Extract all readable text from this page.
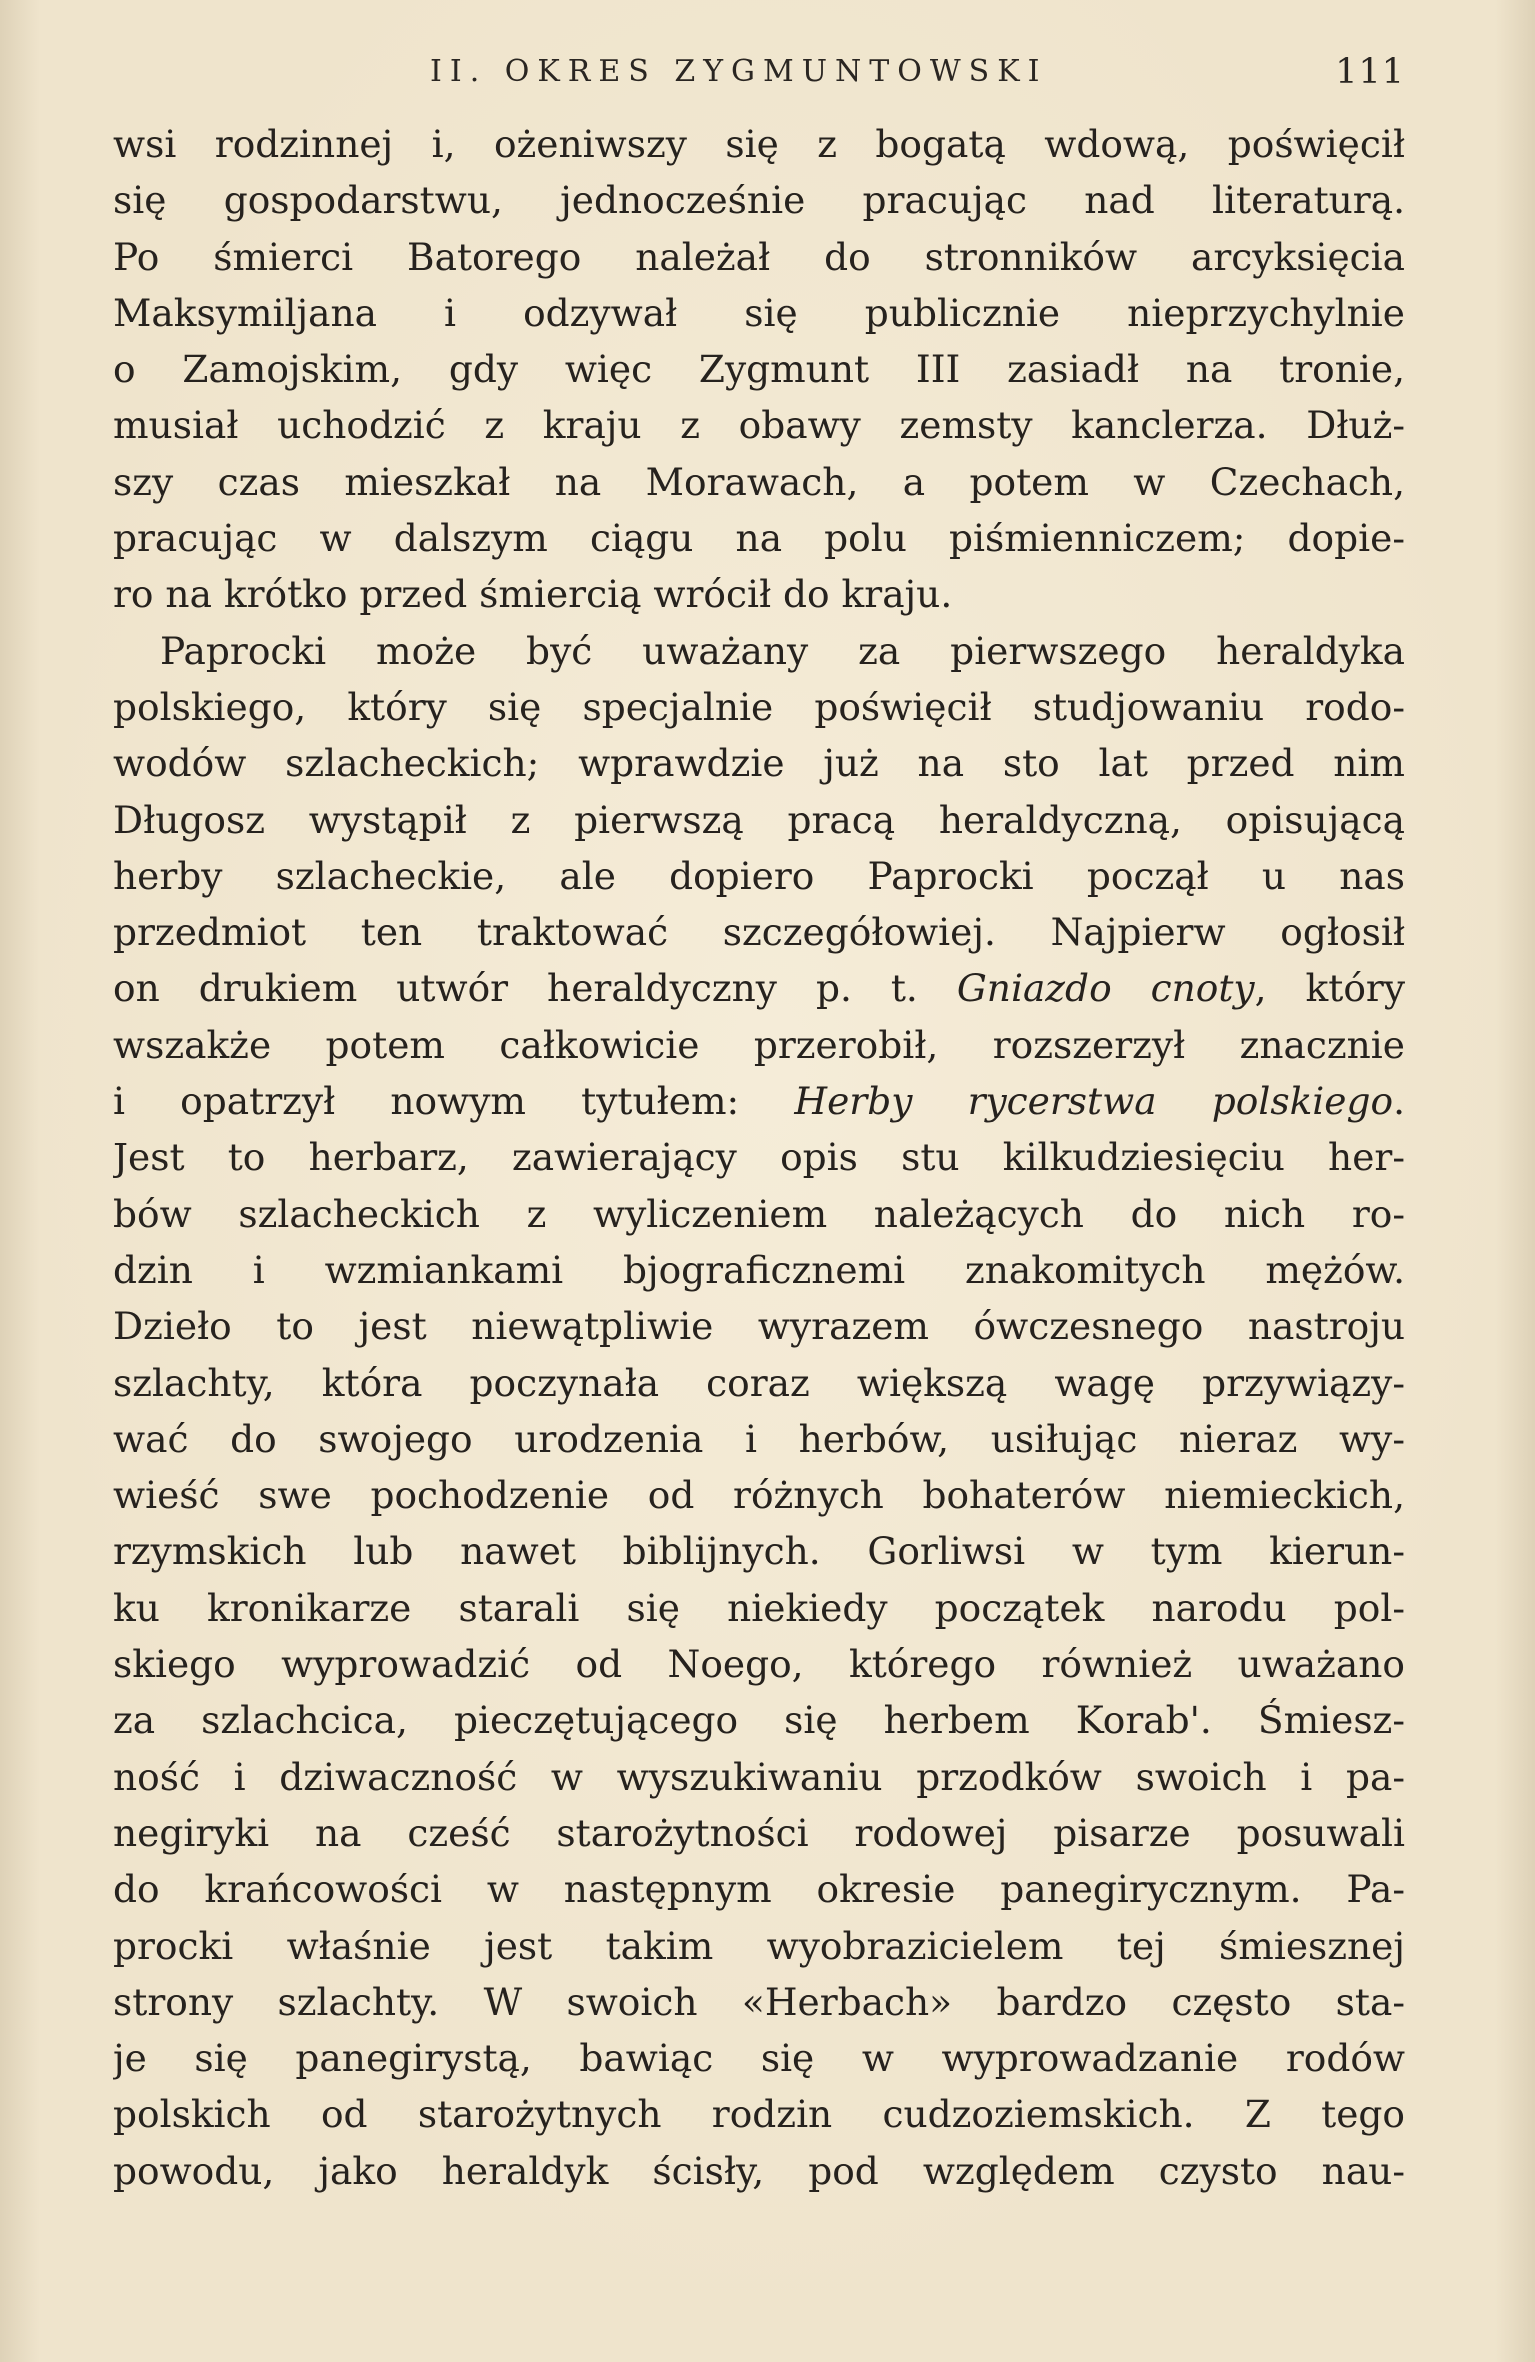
II. OKRES ZYGMUNTOWSKI	111
wsi rodzinnej i, ożeniwszy się z bogatą wdową, poświęcił
się gospodarstwu, jednocześnie pracując nad literaturą.
Po śmierci Batorego należał do stronników arcyksięcia
Maksymiljana i odzywał się publicznie nieprzychylnie
o Zamojskim, gdy więc Zygmunt III zasiadł na tronie,
musiał uchodzić z kraju z obawy zemsty kanclerza. Dłuż-
szy czas mieszkał na Morawach, a potem w Czechach,
pracując w dalszym ciągu na polu piśmienniczem; dopie-
ro na krótko przed śmiercią wrócił do kraju.
Paprocki może być uważany za pierwszego heraldyka
polskiego, który się specjalnie poświęcił studjowaniu rodo-
wodów szlacheckich; wprawdzie już na sto lat przed nim
Długosz wystąpił z pierwszą pracą heraldyczną, opisującą
herby szlacheckie, ale dopiero Paprocki począł u nas
przedmiot ten traktować szczegółowiej. Najpierw ogłosił
on drukiem utwór heraldyczny p. t. Gniazdo cnoty, który
wszakże potem całkowicie przerobił, rozszerzył znacznie
i opatrzył nowym tytułem: Herby rycerstwa polskiego.
Jest to herbarz, zawierający opis stu kilkudziesięciu her-
bów szlacheckich z wyliczeniem należących do nich ro-
dzin i wzmiankami bjograficznemi znakomitych mężów.
Dzieło to jest niewątpliwie wyrazem ówczesnego nastroju
szlachty, która poczynała coraz większą wagę przywiązy-
wać do swojego urodzenia i herbów, usiłując nieraz wy-
wieść swe pochodzenie od różnych bohaterów niemieckich,
rzymskich lub nawet biblijnych. Gorliwsi w tym kierun-
ku kronikarze starali się niekiedy początek narodu pol-
skiego wyprowadzić od Noego, którego również uważano
za szlachcica, pieczętującego się herbem Korab'. Śmiesz-
ność i dziwaczność w wyszukiwaniu przodków swoich i pa-
negiryki na cześć starożytności rodowej pisarze posuwali
do krańcowości w następnym okresie panegirycznym. Pa-
procki właśnie jest takim wyobrazicielem tej śmiesznej
strony szlachty. W swoich «Herbach» bardzo często sta-
je się panegirystą, bawiąc się w wyprowadzanie rodów
polskich od starożytnych rodzin cudzoziemskich. Z tego
powodu, jako heraldyk ścisły, pod względem czysto nau-
